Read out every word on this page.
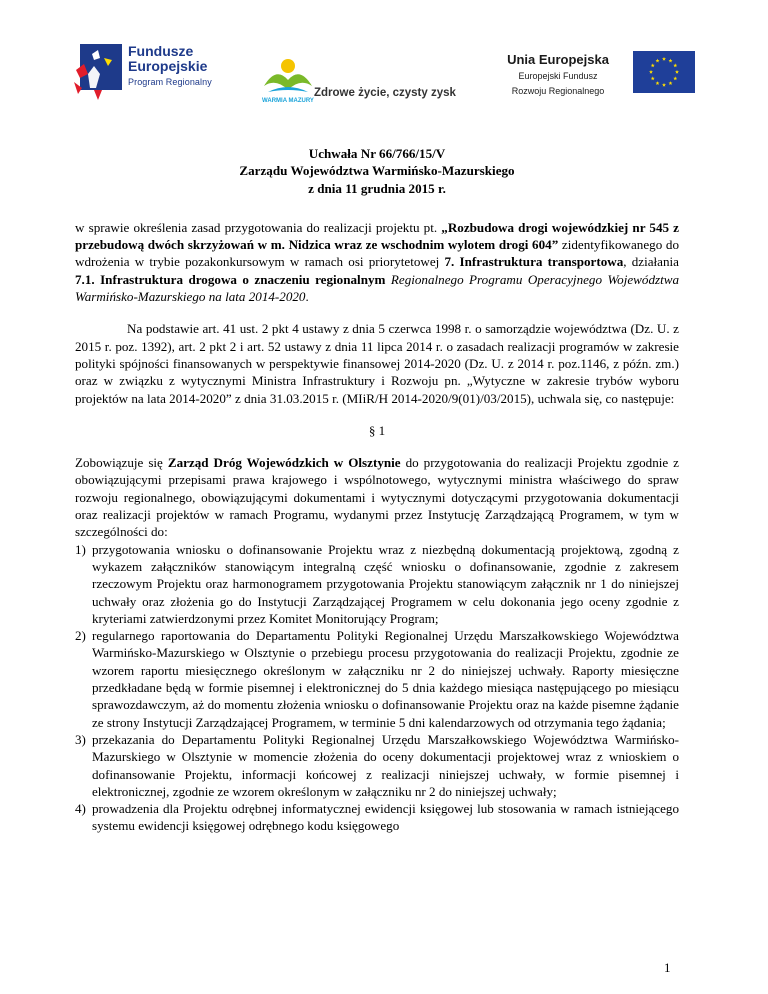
Fundusze
Europejskie
Program Regionalny
WARMIA MAZURY
Zdrowe życie, czysty zysk
Unia Europejska
Europejski Fundusz
Rozwoju Regionalnego

Uchwała Nr 66/766/15/V

Zarządu Województwa Warmińsko-Mazurskiego

z dnia 11 grudnia 2015 r.

w sprawie określenia zasad przygotowania do realizacji projektu pt. „Rozbudowa drogi wojewódzkiej nr 545 z przebudową dwóch skrzyżowań w m. Nidzica wraz ze wschodnim wylotem drogi 604” zidentyfikowanego do wdrożenia w trybie pozakonkursowym w ramach osi priorytetowej 7. Infrastruktura transportowa, działania 7.1. Infrastruktura drogowa o znaczeniu regionalnym Regionalnego Programu Operacyjnego Województwa Warmińsko-Mazurskiego na lata 2014-2020.

Na podstawie art. 41 ust. 2 pkt 4 ustawy z dnia 5 czerwca 1998 r. o samorządzie województwa (Dz. U. z 2015 r. poz. 1392), art. 2 pkt 2 i art. 52 ustawy z dnia 11 lipca 2014 r. o zasadach realizacji programów w zakresie polityki spójności finansowanych w perspektywie finansowej 2014-2020 (Dz. U. z 2014 r. poz.1146, z późn. zm.) oraz w związku z wytycznymi Ministra Infrastruktury i Rozwoju pn. „Wytyczne w zakresie trybów wyboru projektów na lata 2014-2020” z dnia 31.03.2015 r. (MIiR/H 2014-2020/9(01)/03/2015), uchwala się, co następuje:

§ 1

Zobowiązuje się Zarząd Dróg Wojewódzkich w Olsztynie do przygotowania do realizacji Projektu zgodnie z obowiązującymi przepisami prawa krajowego i wspólnotowego, wytycznymi ministra właściwego do spraw rozwoju regionalnego, obowiązującymi dokumentami i wytycznymi dotyczącymi przygotowania dokumentacji oraz realizacji projektów w ramach Programu, wydanymi przez Instytucję Zarządzającą Programem, w tym w szczególności do:

1) przygotowania wniosku o dofinansowanie Projektu wraz z niezbędną dokumentacją projektową, zgodną z wykazem załączników stanowiącym integralną część wniosku o dofinansowanie, zgodnie z zakresem rzeczowym Projektu oraz harmonogramem przygotowania Projektu stanowiącym załącznik nr 1 do niniejszej uchwały oraz złożenia go do Instytucji Zarządzającej Programem w celu dokonania jego oceny zgodnie z kryteriami zatwierdzonymi przez Komitet Monitorujący Program;
2) regularnego raportowania do Departamentu Polityki Regionalnej Urzędu Marszałkowskiego Województwa Warmińsko-Mazurskiego w Olsztynie o przebiegu procesu przygotowania do realizacji Projektu, zgodnie ze wzorem raportu miesięcznego określonym w załączniku nr 2 do niniejszej uchwały. Raporty miesięczne przedkładane będą w formie pisemnej i elektronicznej do 5 dnia każdego miesiąca następującego po miesiącu sprawozdawczym, aż do momentu złożenia wniosku o dofinansowanie Projektu oraz na każde pisemne żądanie ze strony Instytucji Zarządzającej Programem, w terminie 5 dni kalendarzowych od otrzymania tego żądania;
3) przekazania do Departamentu Polityki Regionalnej Urzędu Marszałkowskiego Województwa Warmińsko-Mazurskiego w Olsztynie w momencie złożenia do oceny dokumentacji projektowej wraz z wnioskiem o dofinansowanie Projektu, informacji końcowej z realizacji niniejszej uchwały, w formie pisemnej i elektronicznej, zgodnie ze wzorem określonym w załączniku nr 2 do niniejszej uchwały;
4) prowadzenia dla Projektu odrębnej informatycznej ewidencji księgowej lub stosowania w ramach istniejącego systemu ewidencji księgowej odrębnego kodu księgowego
1
